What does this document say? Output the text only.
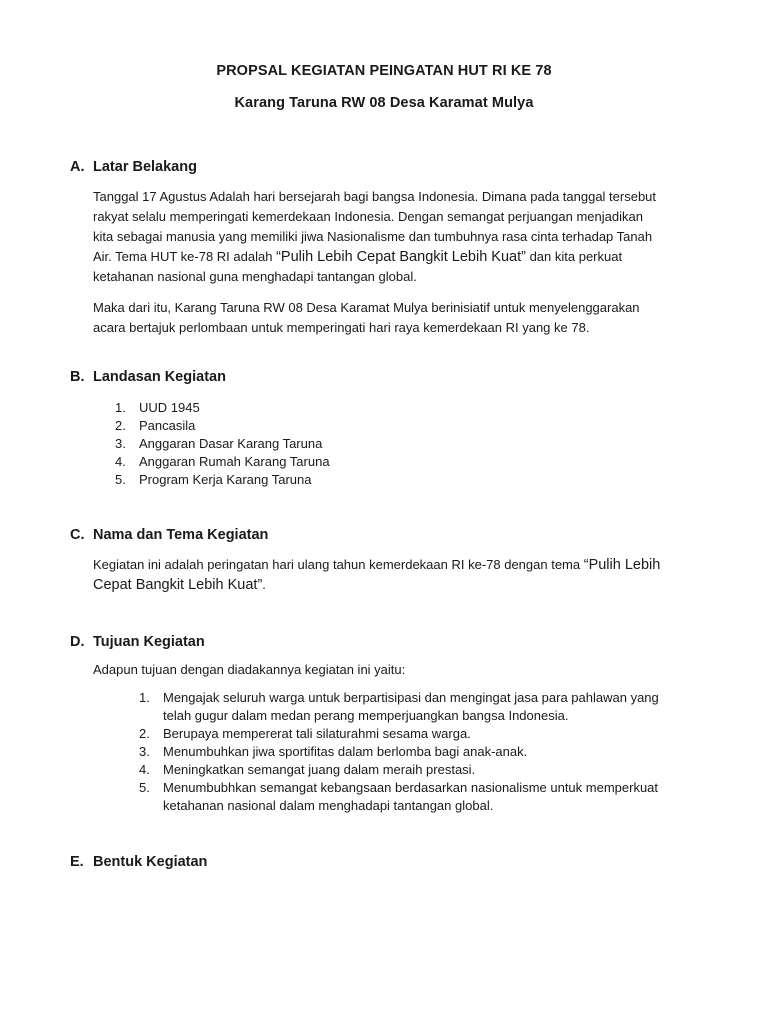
PROPSAL KEGIATAN PEINGATAN HUT RI KE 78
Karang Taruna RW 08 Desa Karamat Mulya
A. Latar Belakang

Tanggal 17 Agustus Adalah hari bersejarah bagi bangsa Indonesia. Dimana pada tanggal tersebut rakyat selalu memperingati kemerdekaan Indonesia. Dengan semangat perjuangan menjadikan kita sebagai manusia yang memiliki jiwa Nasionalisme dan tumbuhnya rasa cinta terhadap Tanah Air. Tema HUT ke-78 RI adalah “Pulih Lebih Cepat Bangkit Lebih Kuat” dan kita perkuat ketahanan nasional guna menghadapi tantangan global.

Maka dari itu, Karang Taruna RW 08 Desa Karamat Mulya berinisiatif untuk menyelenggarakan acara bertajuk perlombaan untuk memperingati hari raya kemerdekaan RI yang ke 78.

B. Landasan Kegiatan
1.	UUD 1945
2.	Pancasila
3.	Anggaran Dasar Karang Taruna
4.	Anggaran Rumah Karang Taruna
5.	Program Kerja Karang Taruna
C. Nama dan Tema Kegiatan

Kegiatan ini adalah peringatan hari ulang tahun kemerdekaan RI ke-78 dengan tema “Pulih Lebih Cepat Bangkit Lebih Kuat”.

D. Tujuan Kegiatan

Adapun tujuan dengan diadakannya kegiatan ini yaitu:

1.	Mengajak seluruh warga untuk berpartisipasi dan mengingat jasa para pahlawan yang telah gugur dalam medan perang memperjuangkan bangsa Indonesia.
2.	Berupaya mempererat tali silaturahmi sesama warga.
3.	Menumbuhkan jiwa sportifitas dalam berlomba bagi anak-anak.
4.	Meningkatkan semangat juang dalam meraih prestasi.
5.	Menumbubhkan semangat kebangsaan berdasarkan nasionalisme untuk memperkuat ketahanan nasional dalam menghadapi tantangan global.
E. Bentuk Kegiatan
